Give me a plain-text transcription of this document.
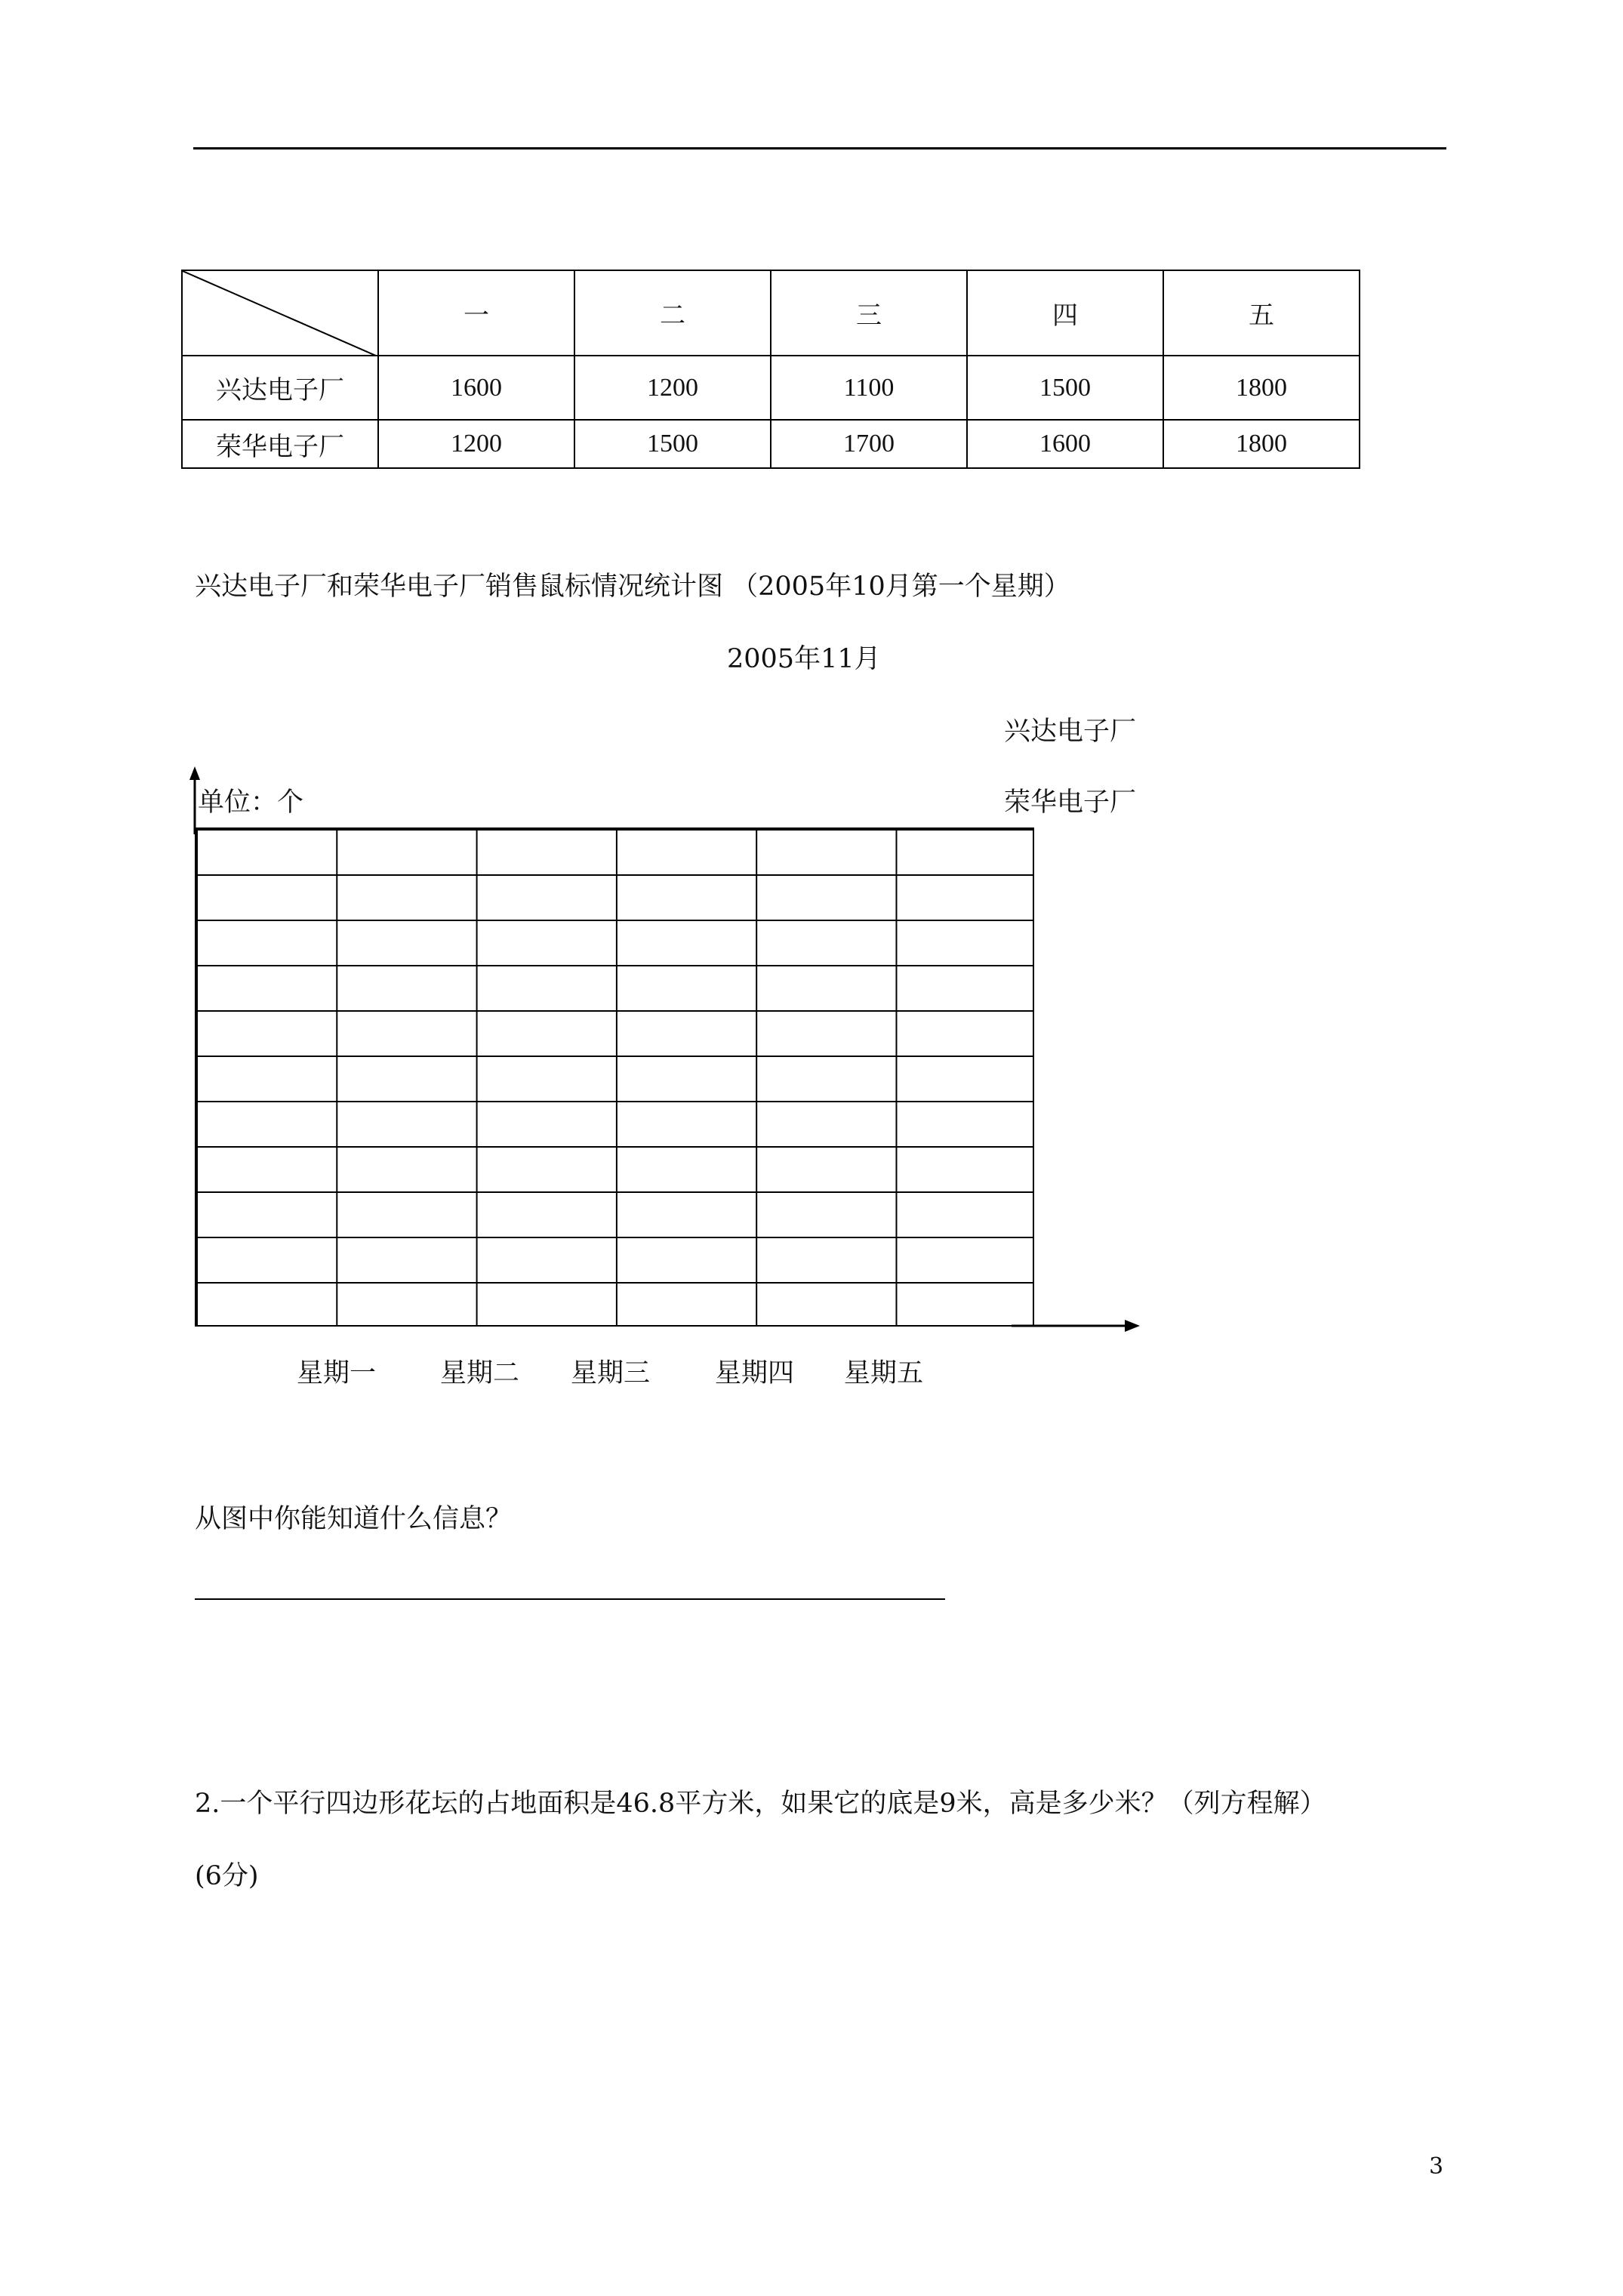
	一	二	三	四	五
兴达电子厂	1600	1200	1100	1500	1800
荣华电子厂	1200	1500	1700	1600	1800
兴达电子厂和荣华电子厂销售鼠标情况统计图 （2005年10月第一个星期）
2005年11月
兴达电子厂
荣华电子厂
单位：个
星期一 星期二 星期三 星期四 星期五
从图中你能知道什么信息？
2.一个平行四边形花坛的占地面积是46.8平方米，如果它的底是9米，高是多少米？（列方程解）
(6分)
3
